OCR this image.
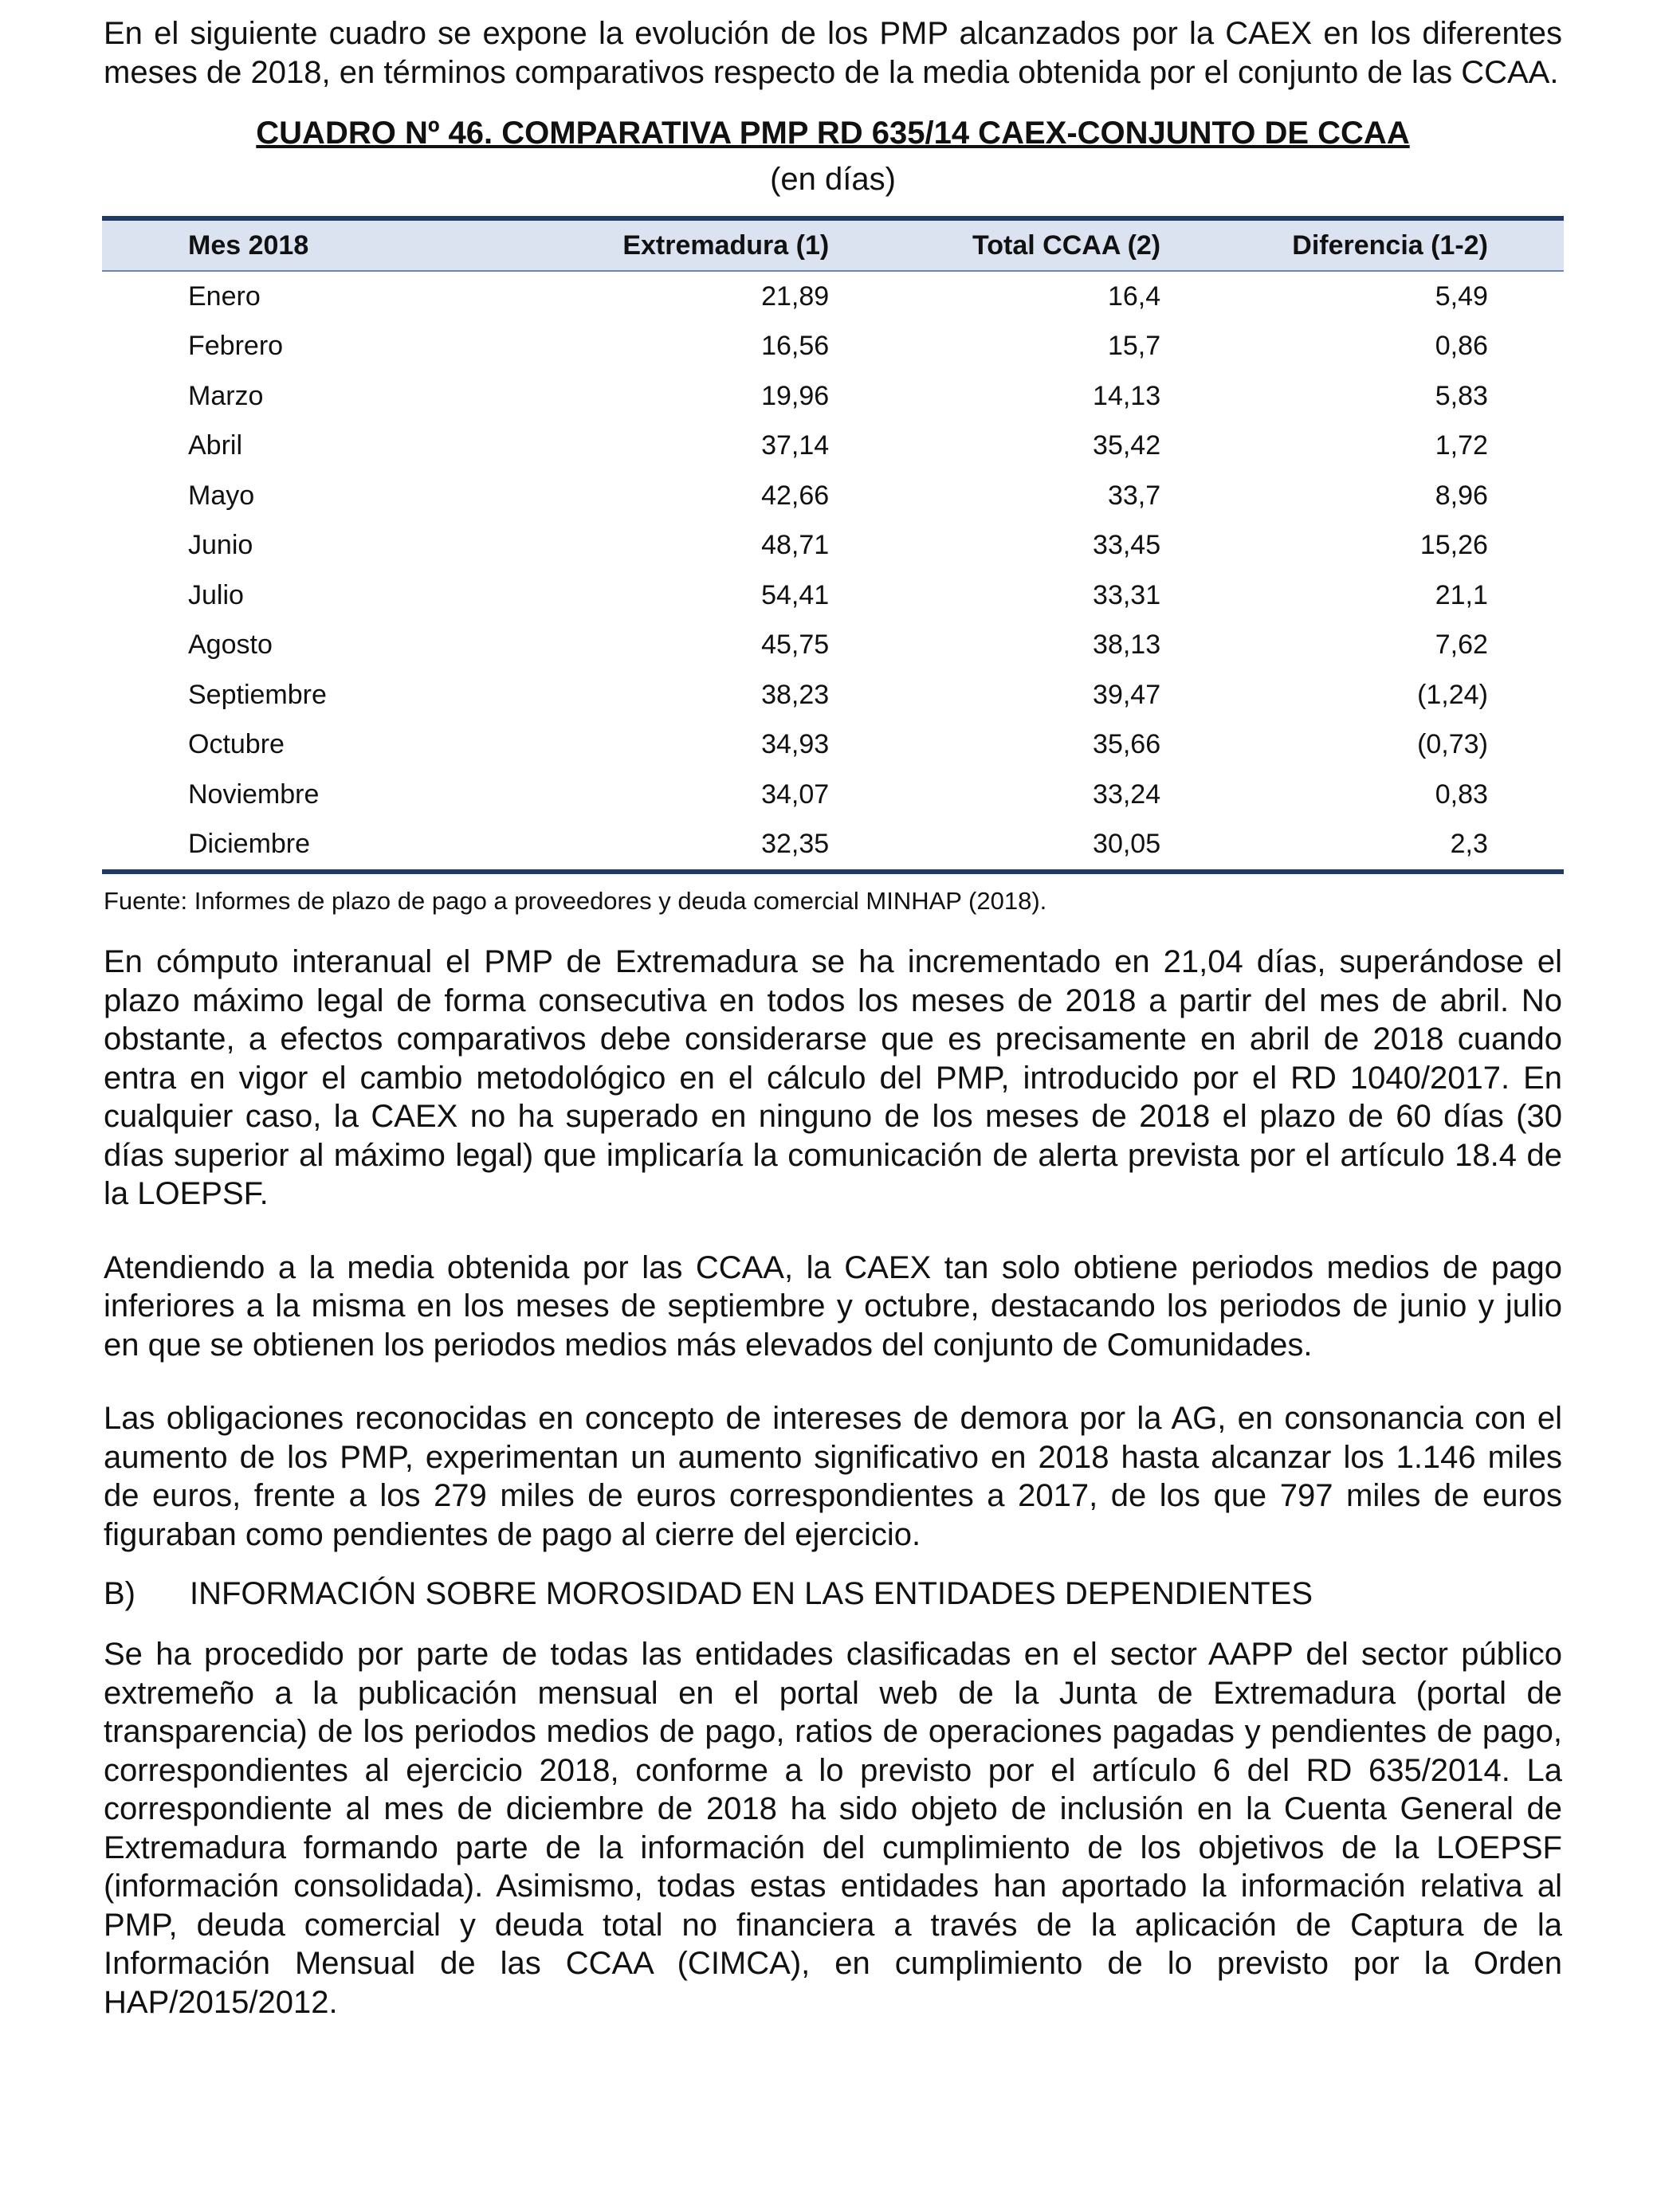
En el siguiente cuadro se expone la evolución de los PMP alcanzados por la CAEX en los diferentes meses de 2018, en términos comparativos respecto de la media obtenida por el conjunto de las CCAA.

CUADRO Nº 46. COMPARATIVA PMP RD 635/14 CAEX-CONJUNTO DE CCAA

(en días)

Mes 2018	Extremadura (1)	Total CCAA (2)	Diferencia (1-2)	
Enero	21,89	16,4	5,49	
Febrero	16,56	15,7	0,86	
Marzo	19,96	14,13	5,83	
Abril	37,14	35,42	1,72	
Mayo	42,66	33,7	8,96	
Junio	48,71	33,45	15,26	
Julio	54,41	33,31	21,1	
Agosto	45,75	38,13	7,62	
Septiembre	38,23	39,47	(1,24)	
Octubre	34,93	35,66	(0,73)	
Noviembre	34,07	33,24	0,83	
Diciembre	32,35	30,05	2,3	

Fuente: Informes de plazo de pago a proveedores y deuda comercial MINHAP (2018).

En cómputo interanual el PMP de Extremadura se ha incrementado en 21,04 días, superándose el plazo máximo legal de forma consecutiva en todos los meses de 2018 a partir del mes de abril. No obstante, a efectos comparativos debe considerarse que es precisamente en abril de 2018 cuando entra en vigor el cambio metodológico en el cálculo del PMP, introducido por el RD 1040/2017. En cualquier caso, la CAEX no ha superado en ninguno de los meses de 2018 el plazo de 60 días (30 días superior al máximo legal) que implicaría la comunicación de alerta prevista por el artículo 18.4 de la LOEPSF.

Atendiendo a la media obtenida por las CCAA, la CAEX tan solo obtiene periodos medios de pago inferiores a la misma en los meses de septiembre y octubre, destacando los periodos de junio y julio en que se obtienen los periodos medios más elevados del conjunto de Comunidades.

Las obligaciones reconocidas en concepto de intereses de demora por la AG, en consonancia con el aumento de los PMP, experimentan un aumento significativo en 2018 hasta alcanzar los 1.146 miles de euros, frente a los 279 miles de euros correspondientes a 2017, de los que 797 miles de euros figuraban como pendientes de pago al cierre del ejercicio.

B) INFORMACIÓN SOBRE MOROSIDAD EN LAS ENTIDADES DEPENDIENTES

Se ha procedido por parte de todas las entidades clasificadas en el sector AAPP del sector público extremeño a la publicación mensual en el portal web de la Junta de Extremadura (portal de transparencia) de los periodos medios de pago, ratios de operaciones pagadas y pendientes de pago, correspondientes al ejercicio 2018, conforme a lo previsto por el artículo 6 del RD 635/2014. La correspondiente al mes de diciembre de 2018 ha sido objeto de inclusión en la Cuenta General de Extremadura formando parte de la información del cumplimiento de los objetivos de la LOEPSF (información consolidada). Asimismo, todas estas entidades han aportado la información relativa al PMP, deuda comercial y deuda total no financiera a través de la aplicación de Captura de la Información Mensual de las CCAA (CIMCA), en cumplimiento de lo previsto por la Orden HAP/2015/2012.
